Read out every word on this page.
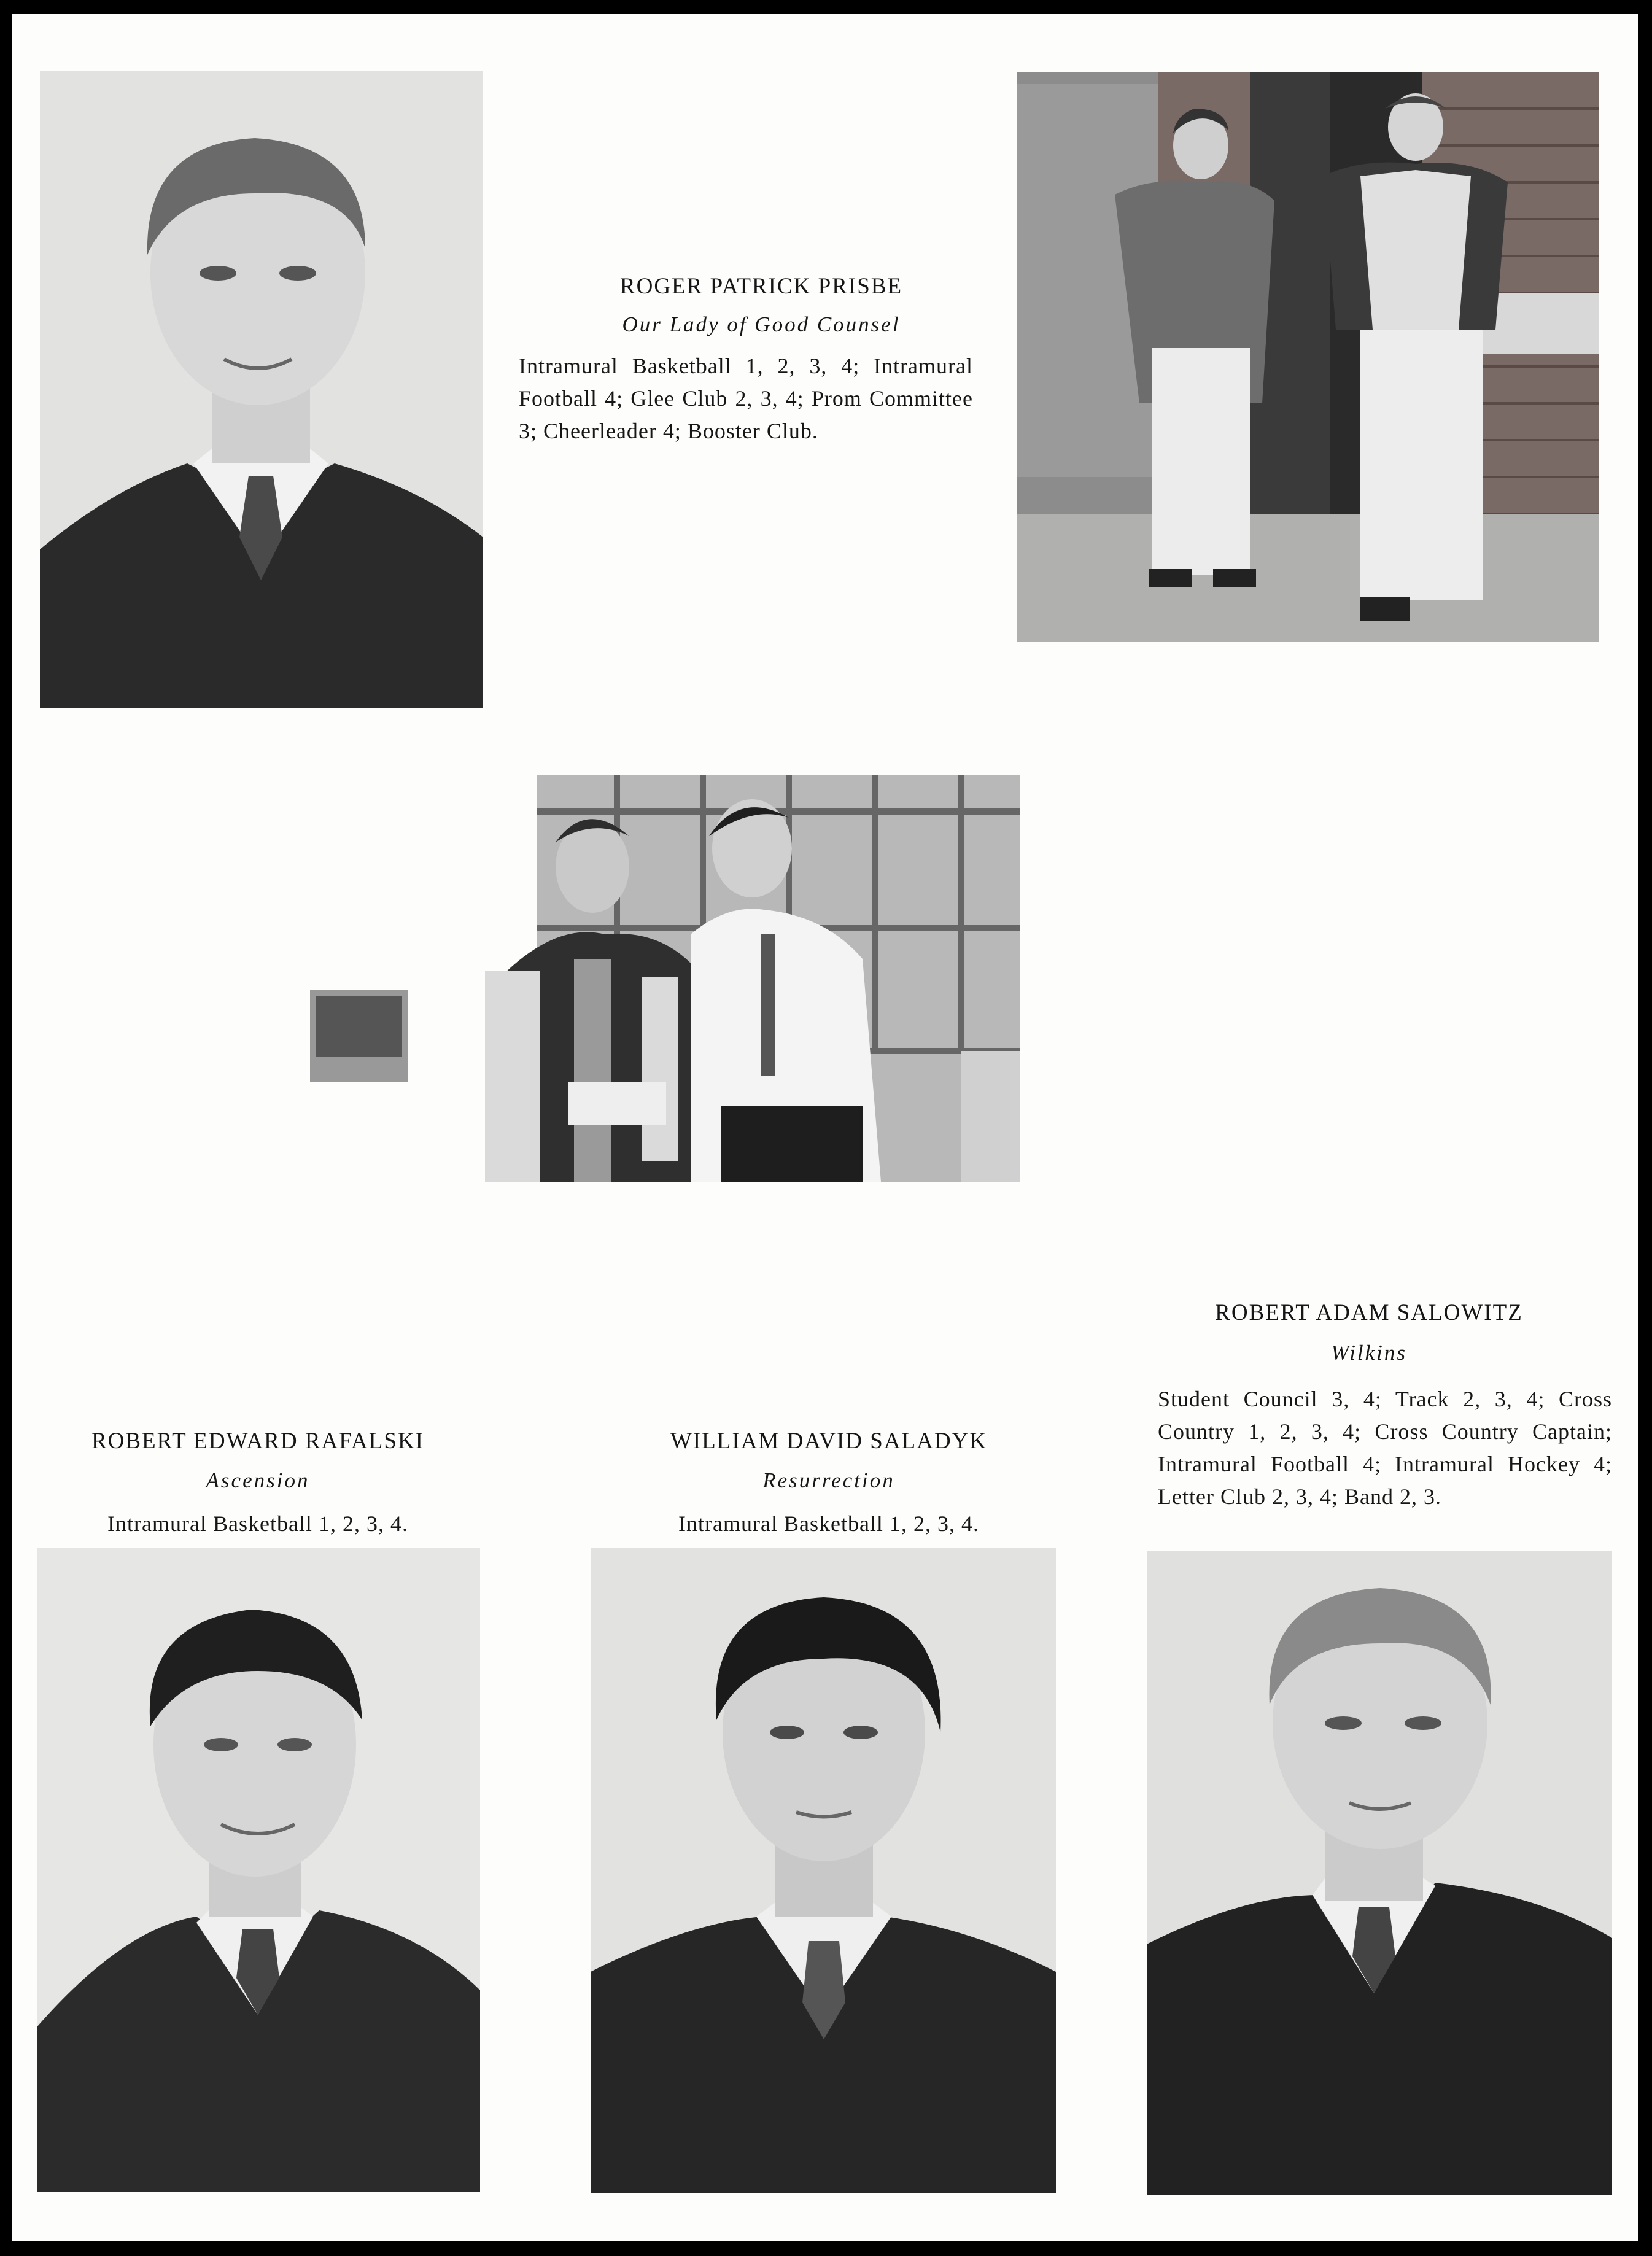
ROGER PATRICK PRISBE
Our Lady of Good Counsel
Intramural Basketball 1, 2, 3, 4; Intramural Football 4; Glee Club 2, 3, 4; Prom Committee 3; Cheerleader 4; Booster Club.
ROBERT ADAM SALOWITZ
Wilkins
Student Council 3, 4; Track 2, 3, 4; Cross Country 1, 2, 3, 4; Cross Country Captain; Intramural Football 4; Intramural Hockey 4; Letter Club 2, 3, 4; Band 2, 3.
ROBERT EDWARD RAFALSKI
Ascension
Intramural Basketball 1, 2, 3, 4.
WILLIAM DAVID SALADYK
Resurrection
Intramural Basketball 1, 2, 3, 4.
